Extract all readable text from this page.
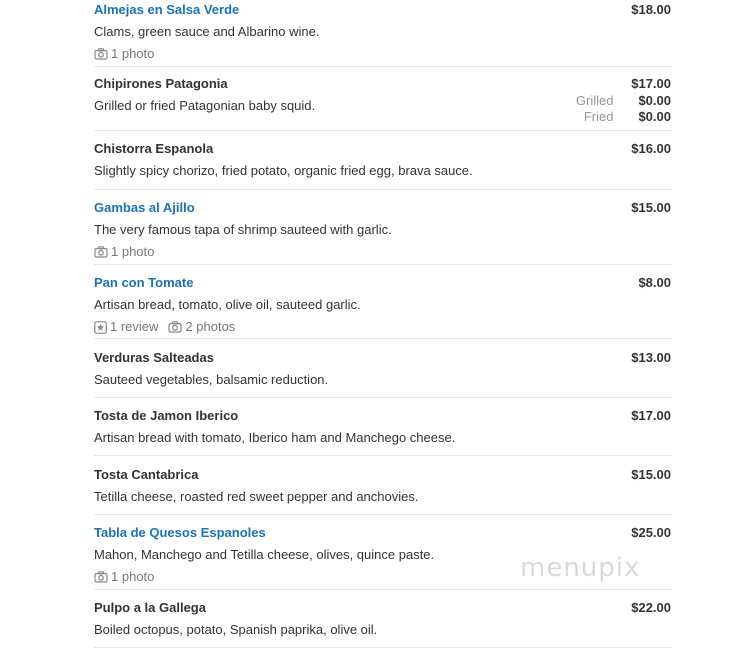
Almejas en Salsa Verde	$18.00
Clams, green sauce and Albarino wine.
1 photo
Chipirones Patagonia	$17.00
Grilled or fried Patagonian baby squid.	Grilled $0.00
Fried $0.00
Chistorra Espanola	$16.00
Slightly spicy chorizo, fried potato, organic fried egg, brava sauce.
Gambas al Ajillo	$15.00
The very famous tapa of shrimp sauteed with garlic.
1 photo
Pan con Tomate	$8.00
Artisan bread, tomato, olive oil, sauteed garlic.
1 review 2 photos
Verduras Salteadas	$13.00
Sauteed vegetables, balsamic reduction.
Tosta de Jamon Iberico	$17.00
Artisan bread with tomato, Iberico ham and Manchego cheese.
Tosta Cantabrica	$15.00
Tetilla cheese, roasted red sweet pepper and anchovies.
Tabla de Quesos Espanoles	$25.00
Mahon, Manchego and Tetilla cheese, olives, quince paste.
1 photo
Pulpo a la Gallega	$22.00
Boiled octopus, potato, Spanish paprika, olive oil.
menupix
